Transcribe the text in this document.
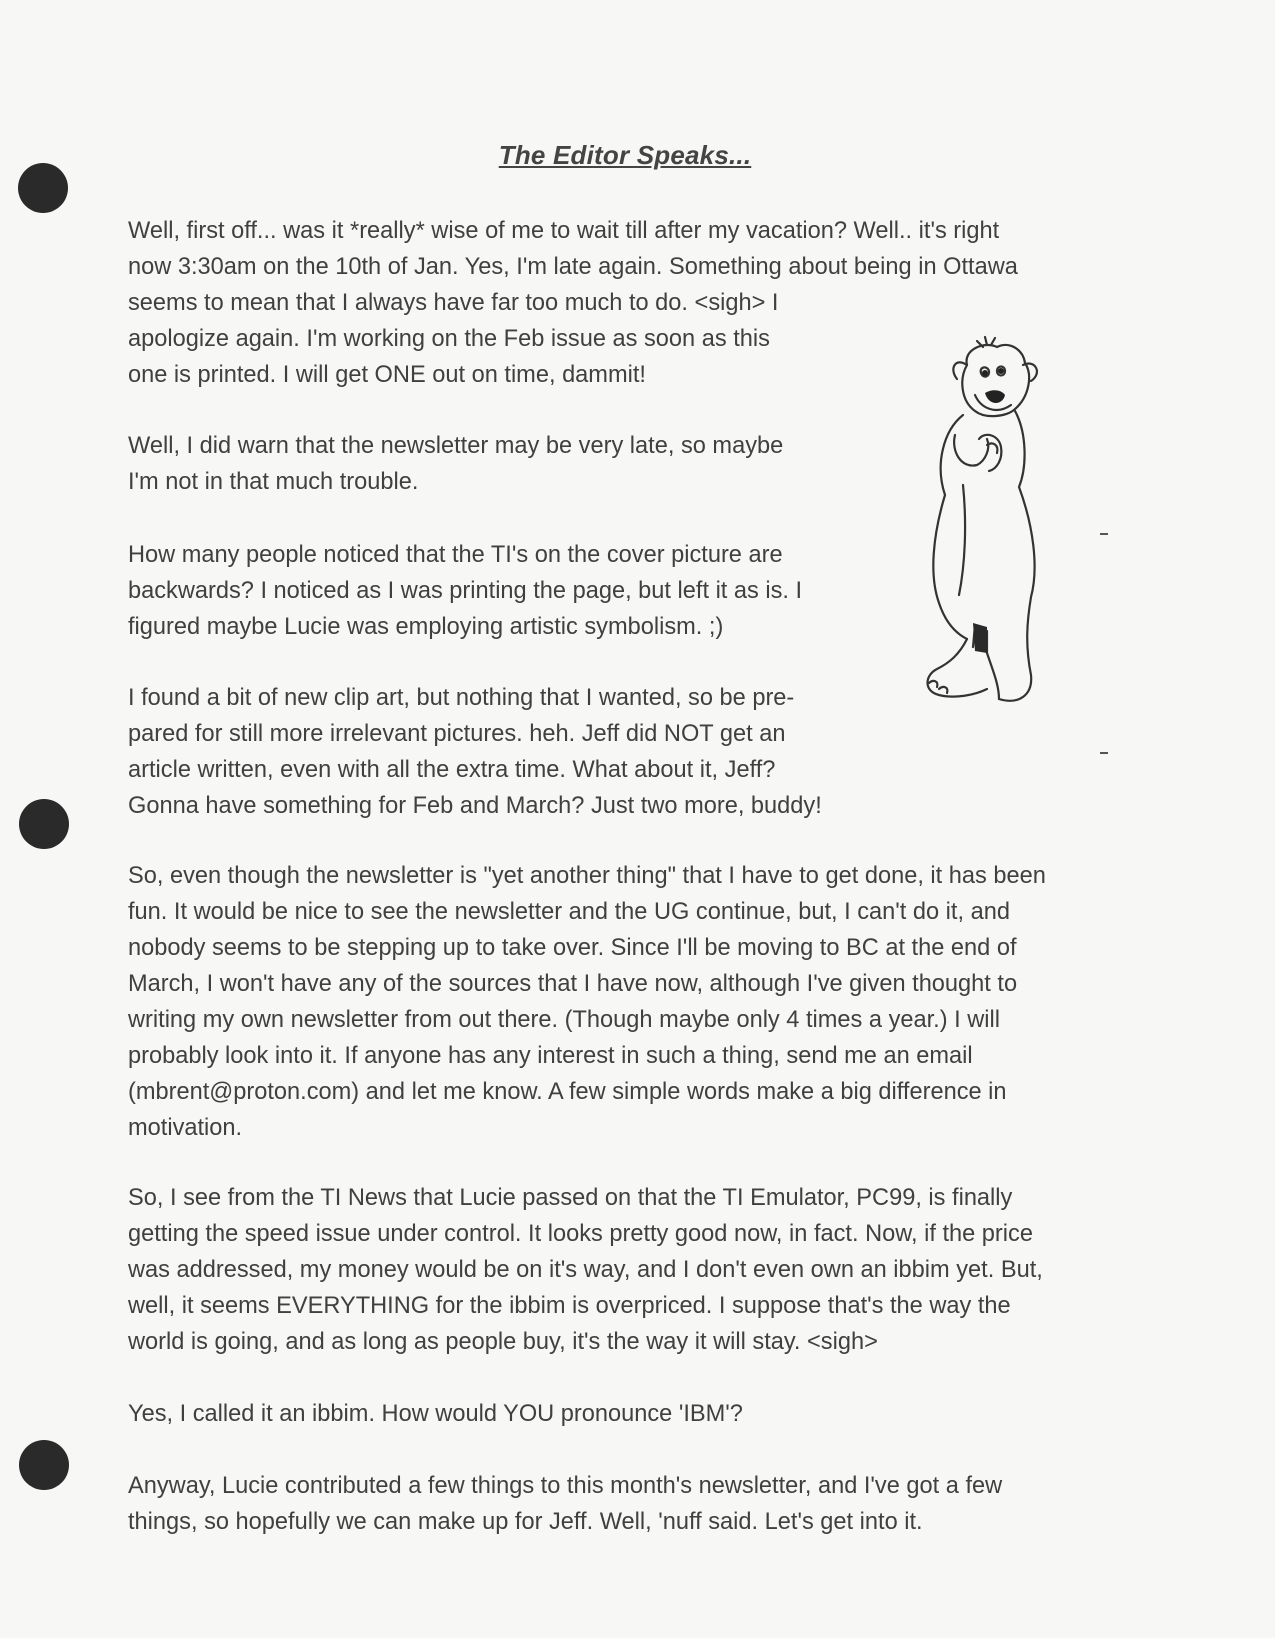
The Editor Speaks...

Well, first off... was it *really* wise of me to wait till after my vacation? Well.. it's right
now 3:30am on the 10th of Jan. Yes, I'm late again. Something about being in Ottawa
seems to mean that I always have far too much to do. <sigh> I
apologize again. I'm working on the Feb issue as soon as this
one is printed. I will get ONE out on time, dammit!

Well, I did warn that the newsletter may be very late, so maybe
I'm not in that much trouble.

How many people noticed that the TI's on the cover picture are
backwards? I noticed as I was printing the page, but left it as is. I
figured maybe Lucie was employing artistic symbolism. ;)

I found a bit of new clip art, but nothing that I wanted, so be pre-
pared for still more irrelevant pictures. heh. Jeff did NOT get an
article written, even with all the extra time. What about it, Jeff?
Gonna have something for Feb and March? Just two more, buddy!

So, even though the newsletter is "yet another thing" that I have to get done, it has been
fun. It would be nice to see the newsletter and the UG continue, but, I can't do it, and
nobody seems to be stepping up to take over. Since I'll be moving to BC at the end of
March, I won't have any of the sources that I have now, although I've given thought to
writing my own newsletter from out there. (Though maybe only 4 times a year.) I will
probably look into it. If anyone has any interest in such a thing, send me an email
(mbrent@proton.com) and let me know. A few simple words make a big difference in
motivation.

So, I see from the TI News that Lucie passed on that the TI Emulator, PC99, is finally
getting the speed issue under control. It looks pretty good now, in fact. Now, if the price
was addressed, my money would be on it's way, and I don't even own an ibbim yet. But,
well, it seems EVERYTHING for the ibbim is overpriced. I suppose that's the way the
world is going, and as long as people buy, it's the way it will stay. <sigh>

Yes, I called it an ibbim. How would YOU pronounce 'IBM'?

Anyway, Lucie contributed a few things to this month's newsletter, and I've got a few
things, so hopefully we can make up for Jeff. Well, 'nuff said. Let's get into it.
